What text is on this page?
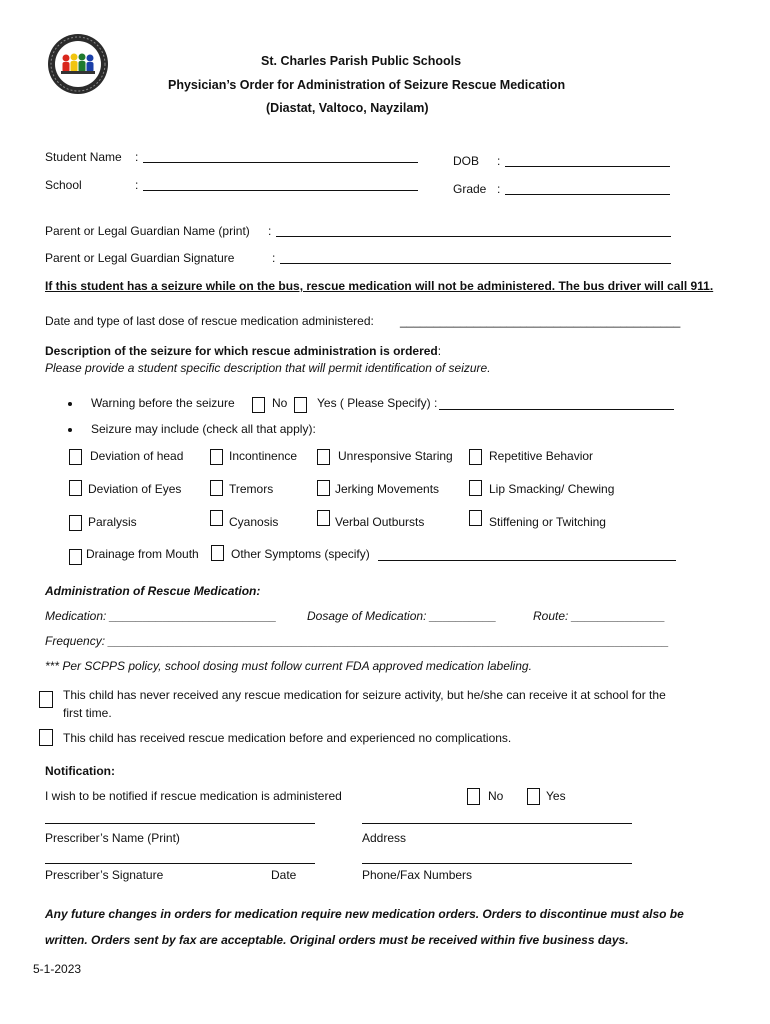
St. Charles Parish Public Schools
Physician’s Order for Administration of Seizure Rescue Medication
(Diastat, Valtoco, Nayzilam)
Student Name :	DOB :
School	:	Grade :
Parent or Legal Guardian Name (print) :
Parent or Legal Guardian Signature	:
If this student has a seizure while on the bus, rescue medication will not be administered. The bus driver will call 911.
Date and type of last dose of rescue medication administered: __________________________________________
Description of the seizure for which rescue administration is ordered:
Please provide a student specific description that will permit identification of seizure.
Warning before the seizure	No Yes ( Please Specify) :
Seizure may include (check all that apply):
Deviation of head	Incontinence	Unresponsive Staring	Repetitive Behavior
Deviation of Eyes	Tremors	Jerking Movements	Lip Smacking/ Chewing
Paralysis	Cyanosis	Verbal Outbursts	Stiffening or Twitching
Drainage from Mouth	Other Symptoms (specify)
Administration of Rescue Medication:
Medication: _________________________	Dosage of Medication: __________	Route: ______________
Frequency: ____________________________________________________________________________________
*** Per SCPPS policy, school dosing must follow current FDA approved medication labeling.
This child has never received any rescue medication for seizure activity, but he/she can receive it at school for the
first time.
This child has received rescue medication before and experienced no complications.
Notification:
I wish to be notified if rescue medication is administered	No	Yes
Prescriber’s Name (Print)	Address
Prescriber’s Signature	Date	Phone/Fax Numbers
Any future changes in orders for medication require new medication orders. Orders to discontinue must also be
written. Orders sent by fax are acceptable. Original orders must be received within five business days.
5-1-2023
